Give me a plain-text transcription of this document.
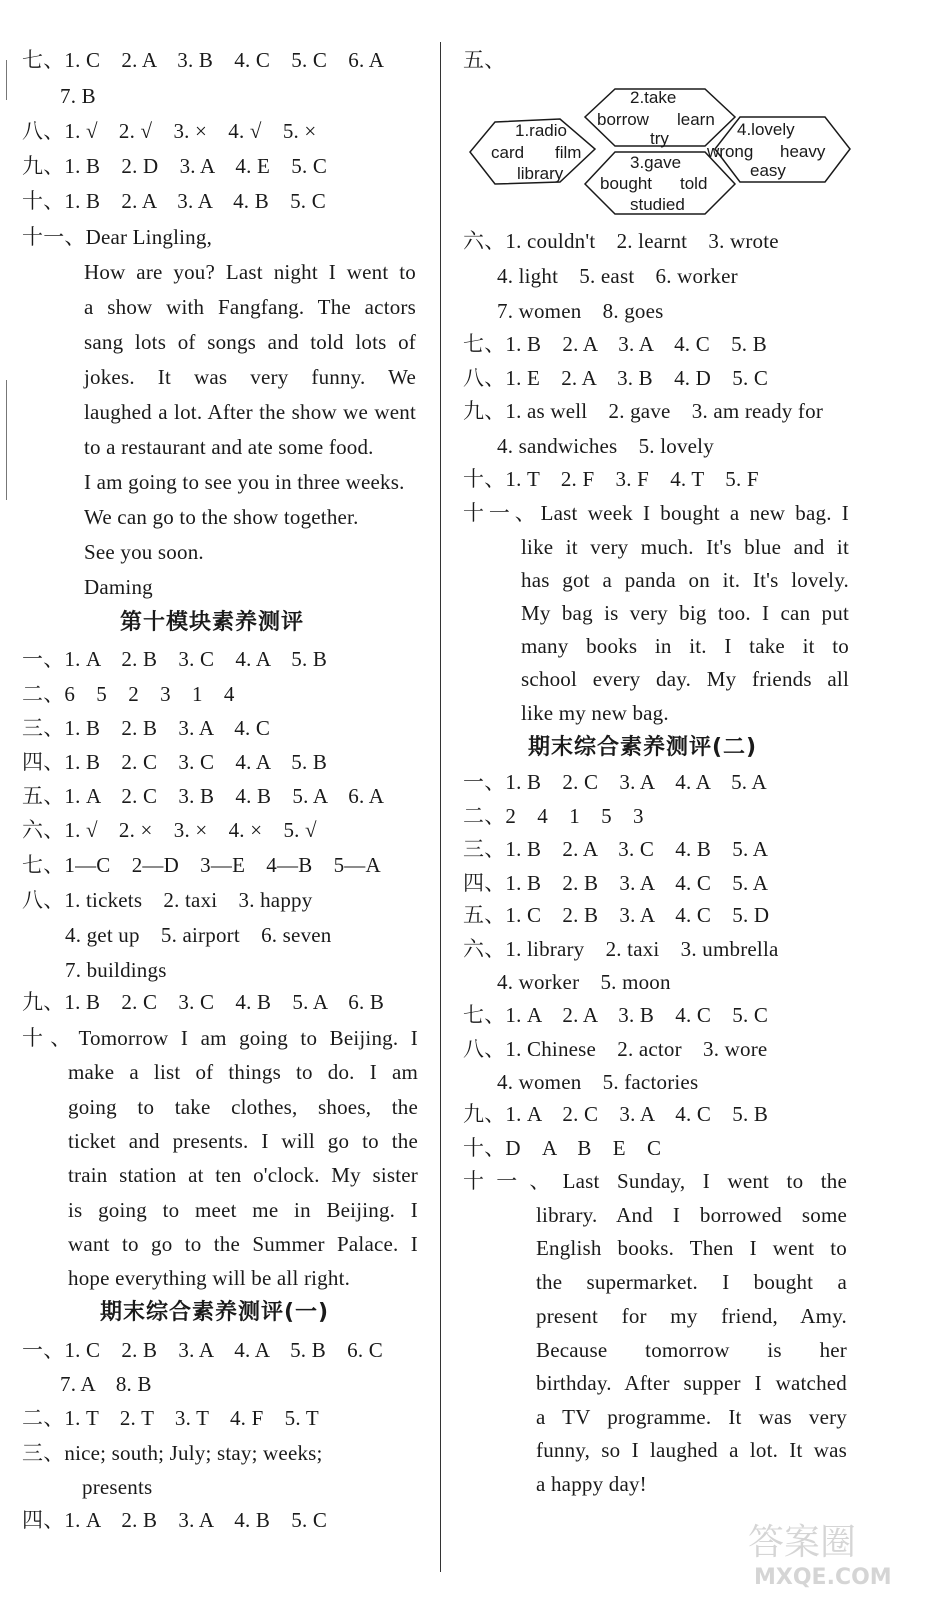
七、1. C　2. A　3. B　4. C　5. C　6. A
7. B
八、1. √　2. √　3. ×　4. √　5. ×
九、1. B　2. D　3. A　4. E　5. C
十、1. B　2. A　3. A　4. B　5. C
十一、Dear Lingling,
How are you? Last night I went to
a show with Fangfang. The actors
sang lots of songs and told lots of
jokes. It was very funny. We
laughed a lot. After the show we went
to a restaurant and ate some food.
I am going to see you in three weeks.
We can go to the show together.
See you soon.
Daming
第十模块素养测评
一、1. A　2. B　3. C　4. A　5. B
二、6　5　2　3　1　4
三、1. B　2. B　3. A　4. C
四、1. B　2. C　3. C　4. A　5. B
五、1. A　2. C　3. B　4. B　5. A　6. A
六、1. √　2. ×　3. ×　4. ×　5. √
七、1—C　2—D　3—E　4—B　5—A
八、1. tickets　2. taxi　3. happy
4. get up　5. airport　6. seven
7. buildings
九、1. B　2. C　3. C　4. B　5. A　6. B
十、Tomorrow I am going to Beijing. I
make a list of things to do. I am
going to take clothes, shoes, the
ticket and presents. I will go to the
train station at ten o'clock. My sister
is going to meet me in Beijing. I
want to go to the Summer Palace. I
hope everything will be all right.
期末综合素养测评(一)
一、1. C　2. B　3. A　4. A　5. B　6. C
7. A　8. B
二、1. T　2. T　3. T　4. F　5. T
三、nice; south; July; stay; weeks;
presents
四、1. A　2. B　3. A　4. B　5. C
五、
1.radio
card film
library
2.take
borrow learn
try
3.gave
bought told
studied
4.lovely
wrong heavy
easy
六、1. couldn't　2. learnt　3. wrote
4. light　5. east　6. worker
7. women　8. goes
七、1. B　2. A　3. A　4. C　5. B
八、1. E　2. A　3. B　4. D　5. C
九、1. as well　2. gave　3. am ready for
4. sandwiches　5. lovely
十、1. T　2. F　3. F　4. T　5. F
十一、Last week I bought a new bag. I
like it very much. It's blue and it
has got a panda on it. It's lovely.
My bag is very big too. I can put
many books in it. I take it to
school every day. My friends all
like my new bag.
期末综合素养测评(二)
一、1. B　2. C　3. A　4. A　5. A
二、2　4　1　5　3
三、1. B　2. A　3. C　4. B　5. A
四、1. B　2. B　3. A　4. C　5. A
五、1. C　2. B　3. A　4. C　5. D
六、1. library　2. taxi　3. umbrella
4. worker　5. moon
七、1. A　2. A　3. B　4. C　5. C
八、1. Chinese　2. actor　3. wore
4. women　5. factories
九、1. A　2. C　3. A　4. C　5. B
十、D　A　B　E　C
十一、Last Sunday, I went to the
library. And I borrowed some
English books. Then I went to
the supermarket. I bought a
present for my friend, Amy.
Because tomorrow is her
birthday. After supper I watched
a TV programme. It was very
funny, so I laughed a lot. It was
a happy day!
答案圈
MXQE.COM
